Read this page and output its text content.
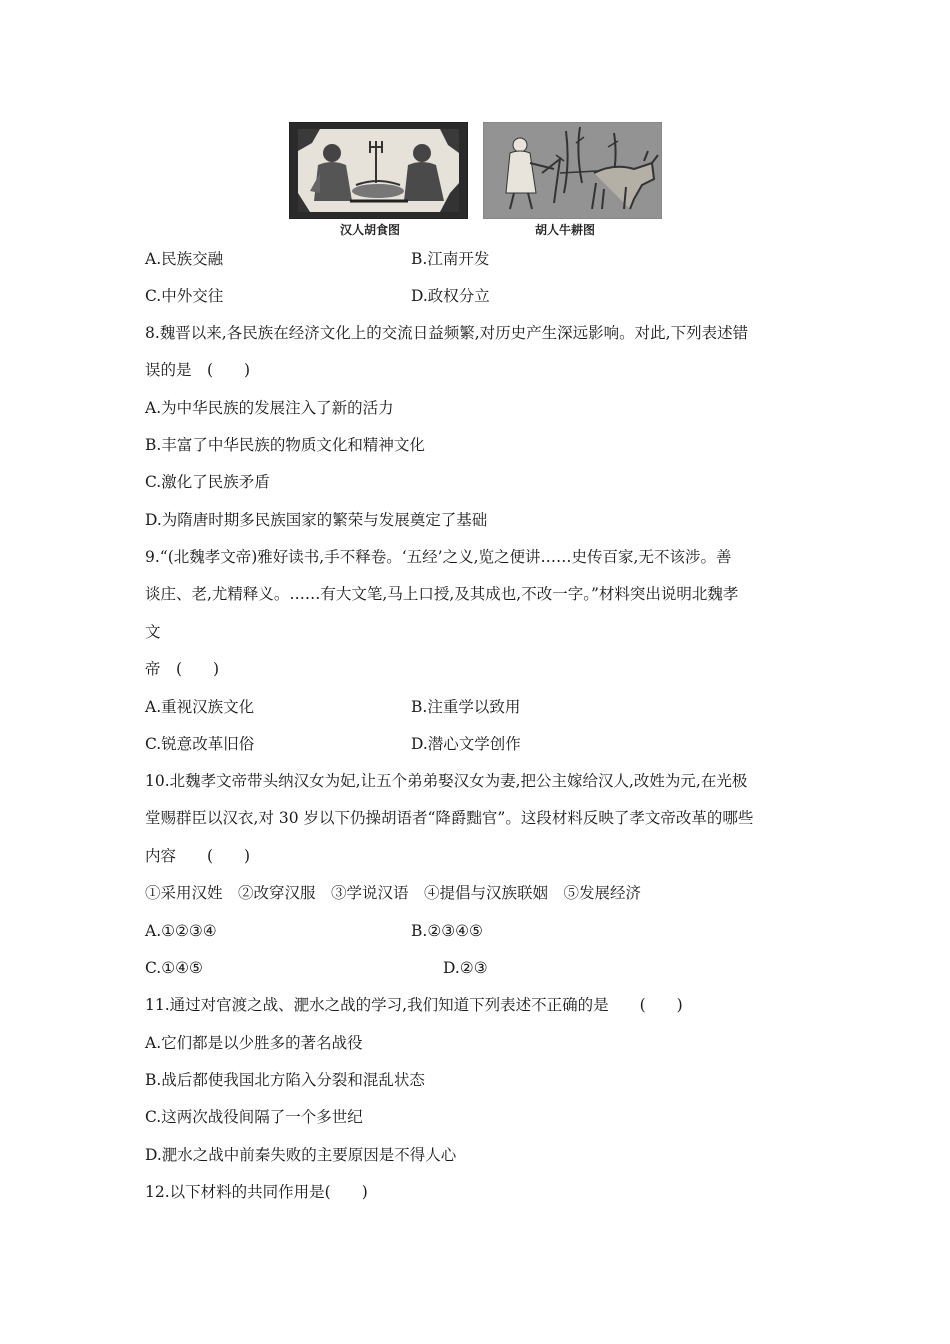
汉人胡食图	胡人牛耕图
A.民族交融	B.江南开发
C.中外交往	D.政权分立
8.魏晋以来,各民族在经济文化上的交流日益频繁,对历史产生深远影响。对此,下列表述错
误的是　(　　)
A.为中华民族的发展注入了新的活力
B.丰富了中华民族的物质文化和精神文化
C.激化了民族矛盾
D.为隋唐时期多民族国家的繁荣与发展奠定了基础
9.“(北魏孝文帝)雅好读书,手不释卷。‘五经’之义,览之便讲……史传百家,无不该涉。善
谈庄、老,尤精释义。……有大文笔,马上口授,及其成也,不改一字。”材料突出说明北魏孝
文
帝　(　　)
A.重视汉族文化	B.注重学以致用
C.锐意改革旧俗	D.潜心文学创作
10.北魏孝文帝带头纳汉女为妃,让五个弟弟娶汉女为妻,把公主嫁给汉人,改姓为元,在光极
堂赐群臣以汉衣,对 30 岁以下仍操胡语者“降爵黜官”。这段材料反映了孝文帝改革的哪些
内容　　(　　)
①采用汉姓　②改穿汉服　③学说汉语　④提倡与汉族联姻　⑤发展经济
A.①②③④	B.②③④⑤
C.①④⑤	D.②③
11.通过对官渡之战、淝水之战的学习,我们知道下列表述不正确的是　　(　　)
A.它们都是以少胜多的著名战役
B.战后都使我国北方陷入分裂和混乱状态
C.这两次战役间隔了一个多世纪
D.淝水之战中前秦失败的主要原因是不得人心
12.以下材料的共同作用是(　　)
